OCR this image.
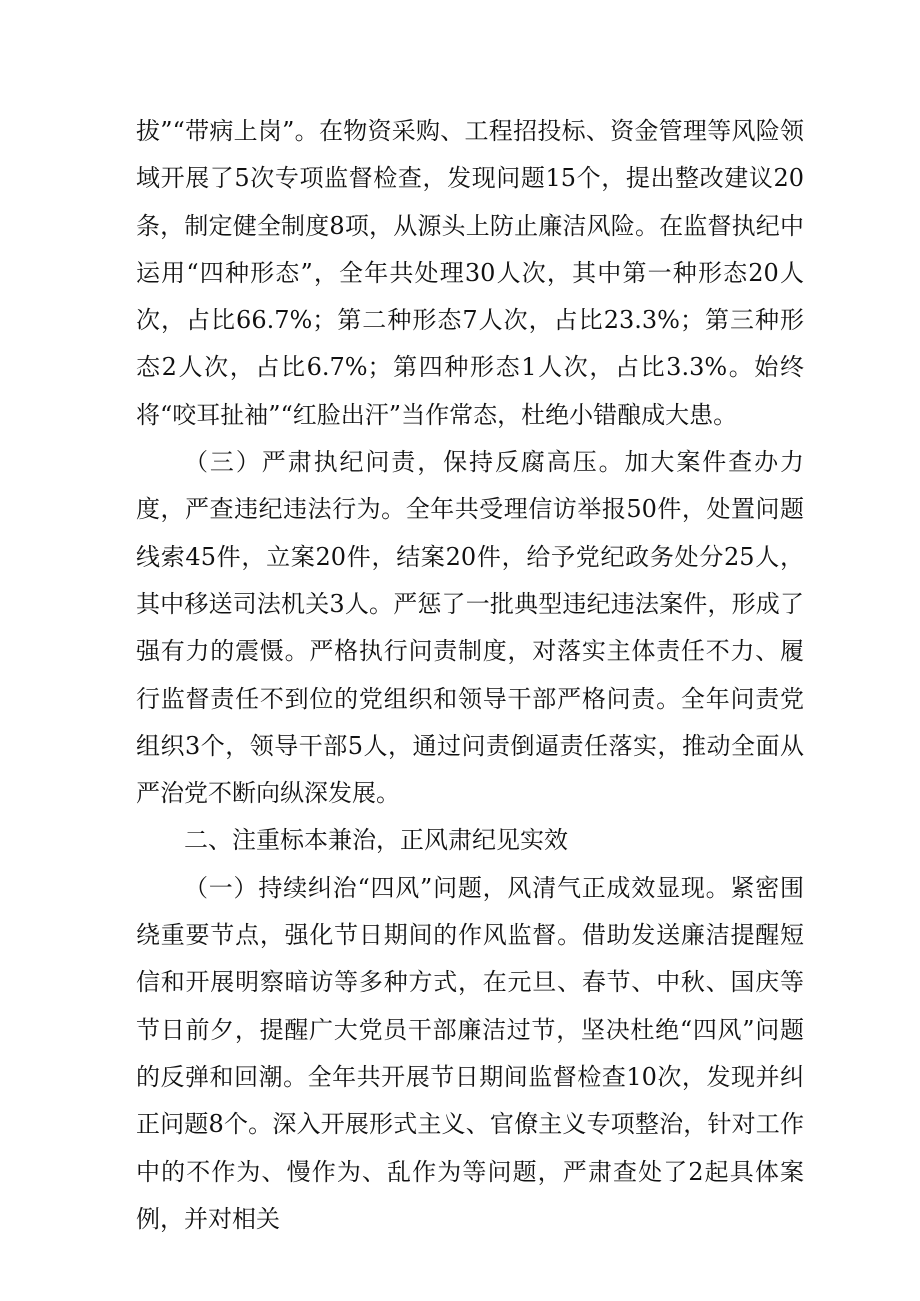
拔”“带病上岗”。在物资采购、工程招投标、资金管理等风险领域开展了5次专项监督检查，发现问题15个，提出整改建议20条，制定健全制度8项，从源头上防止廉洁风险。在监督执纪中运用“四种形态”，全年共处理30人次，其中第一种形态20人次，占比66.7%；第二种形态7人次，占比23.3%；第三种形态2人次，占比6.7%；第四种形态1人次，占比3.3%。始终将“咬耳扯袖”“红脸出汗”当作常态，杜绝小错酿成大患。

（三）严肃执纪问责，保持反腐高压。加大案件查办力度，严查违纪违法行为。全年共受理信访举报50件，处置问题线索45件，立案20件，结案20件，给予党纪政务处分25人，其中移送司法机关3人。严惩了一批典型违纪违法案件，形成了强有力的震慑。严格执行问责制度，对落实主体责任不力、履行监督责任不到位的党组织和领导干部严格问责。全年问责党组织3个，领导干部5人，通过问责倒逼责任落实，推动全面从严治党不断向纵深发展。

二、注重标本兼治，正风肃纪见实效

（一）持续纠治“四风”问题，风清气正成效显现。紧密围绕重要节点，强化节日期间的作风监督。借助发送廉洁提醒短信和开展明察暗访等多种方式，在元旦、春节、中秋、国庆等节日前夕，提醒广大党员干部廉洁过节，坚决杜绝“四风”问题的反弹和回潮。全年共开展节日期间监督检查10次，发现并纠正问题8个。深入开展形式主义、官僚主义专项整治，针对工作中的不作为、慢作为、乱作为等问题，严肃查处了2起具体案例，并对相关
